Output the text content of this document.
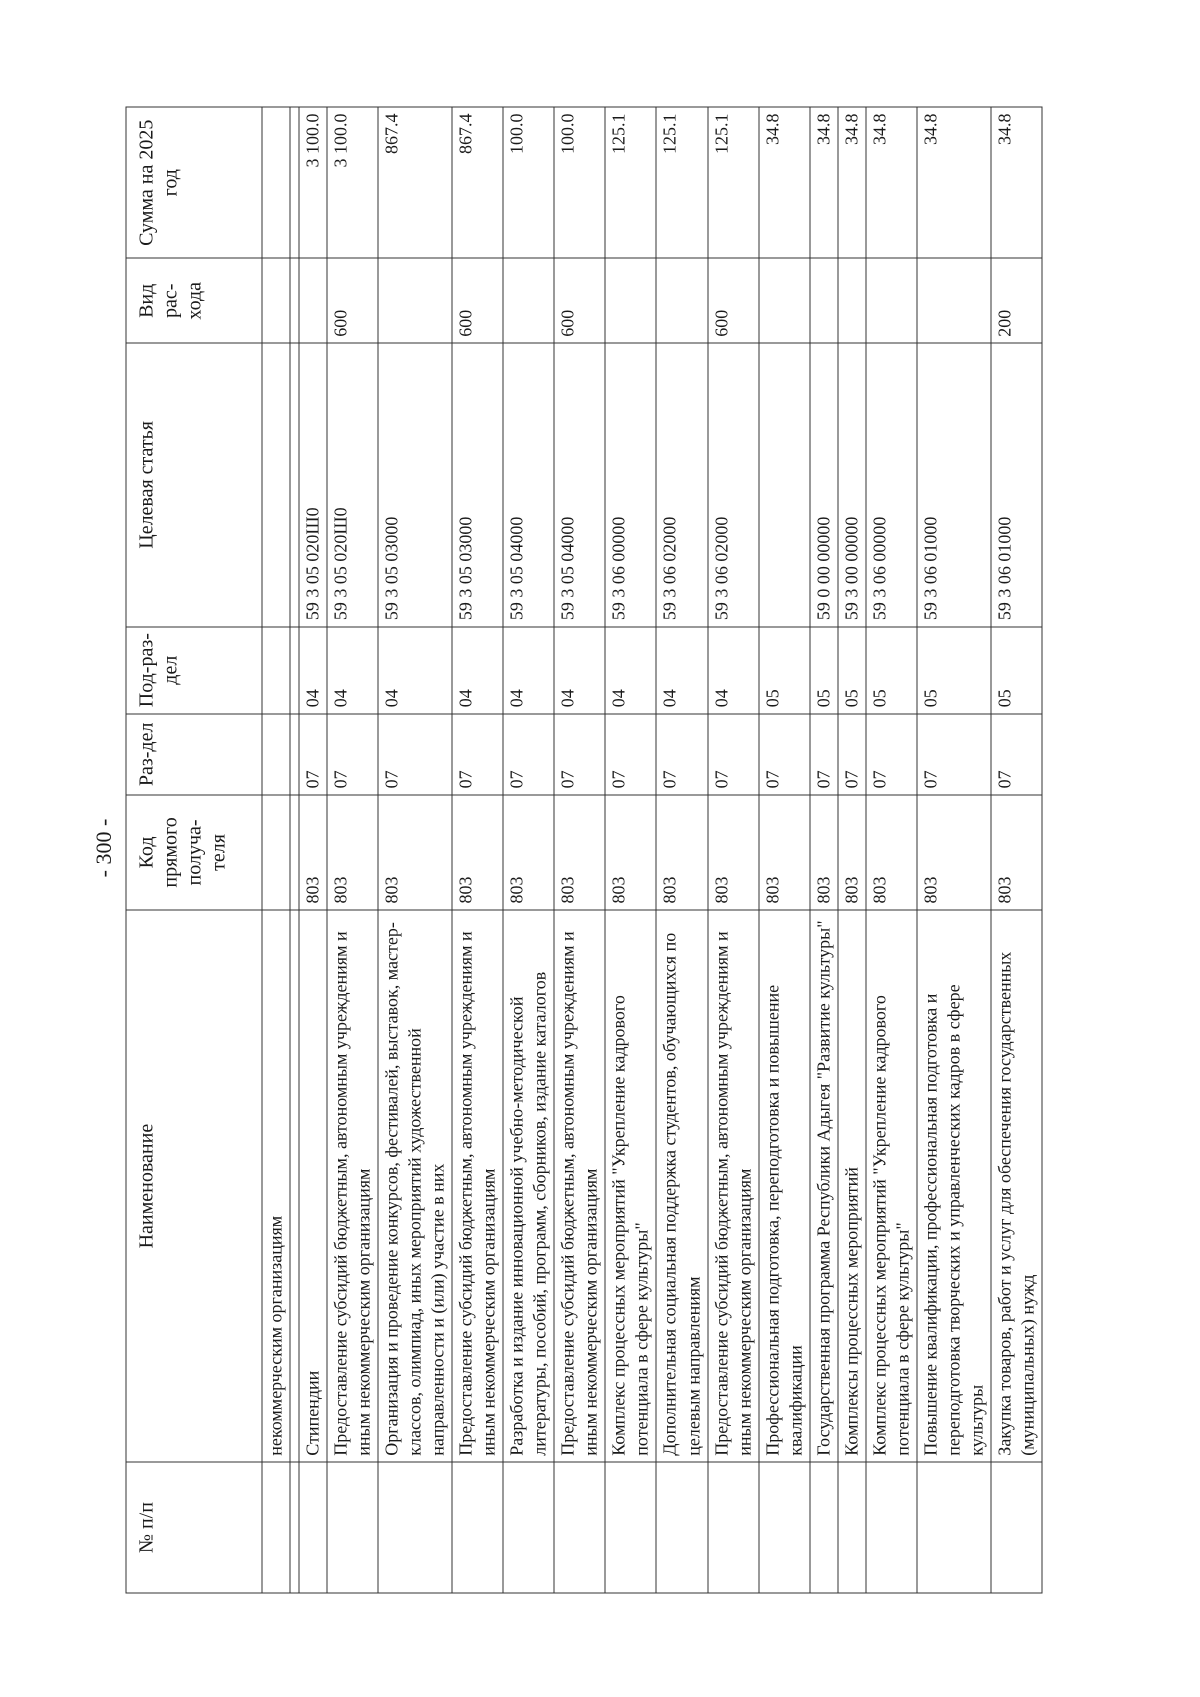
- 300 -
№ п/п	Наименование	Код прямого получа-теля	Раз-дел	Под-раз-дел	Целевая статья	Вид рас-хода	Сумма на 2025 год
	некоммерческим организациям						

	Стипендии	803	07	04	59 3 05 020Ш0		3 100.0
	Предоставление субсидий бюджетным, автономным учреждениям и иным некоммерческим организациям	803	07	04	59 3 05 020Ш0	600	3 100.0
	Организация и проведение конкурсов, фестивалей, выставок, мастер-классов, олимпиад, иных мероприятий художественной направленности и (или) участие в них	803	07	04	59 3 05 03000		867.4
	Предоставление субсидий бюджетным, автономным учреждениям и иным некоммерческим организациям	803	07	04	59 3 05 03000	600	867.4
	Разработка и издание инновационной учебно-методической литературы, пособий, программ, сборников, издание каталогов	803	07	04	59 3 05 04000		100.0
	Предоставление субсидий бюджетным, автономным учреждениям и иным некоммерческим организациям	803	07	04	59 3 05 04000	600	100.0
	Комплекс процессных мероприятий "Укрепление кадрового потенциала в сфере культуры"	803	07	04	59 3 06 00000		125.1
	Дополнительная социальная поддержка студентов, обучающихся по целевым направлениям	803	07	04	59 3 06 02000		125.1
	Предоставление субсидий бюджетным, автономным учреждениям и иным некоммерческим организациям	803	07	04	59 3 06 02000	600	125.1
	Профессиональная подготовка, переподготовка и повышение квалификации	803	07	05			34.8
	Государственная программа Республики Адыгея "Развитие культуры"	803	07	05	59 0 00 00000		34.8
	Комплексы процессных мероприятий	803	07	05	59 3 00 00000		34.8
	Комплекс процессных мероприятий "Укрепление кадрового потенциала в сфере культуры"	803	07	05	59 3 06 00000		34.8
	Повышение квалификации, профессиональная подготовка и переподготовка творческих и управленческих кадров в сфере культуры	803	07	05	59 3 06 01000		34.8
	Закупка товаров, работ и услуг для обеспечения государственных (муниципальных) нужд	803	07	05	59 3 06 01000	200	34.8
